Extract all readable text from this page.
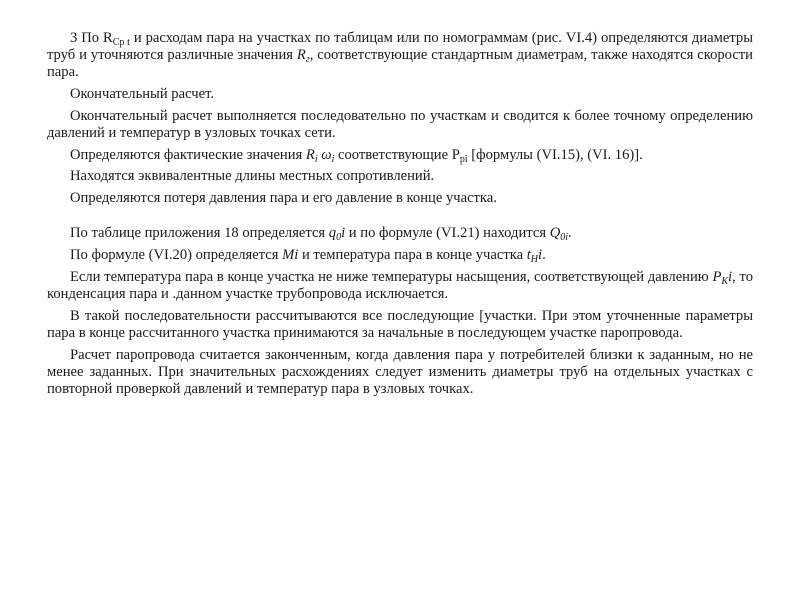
3 По $R_{Ср t}$ и расходам пара на участках по таблицам или по номограммам (рис. VI.4) определяются диаметры труб и уточняются различные значения $R_г$, соответствующие стандартным диаметрам, также находятся скорости пара.

Окончательный расчет.

Окончательный расчет выполняется последовательно по участкам и сводится к более точному определению давлений и температур в узловых точках сети.

Определяются фактические значения $R_i$ $\omega_i$ соответствующие $P_{pi}$ [формулы (VI.15), (VI. 16)].

Находятся эквивалентные длины местных сопротивлений.

Определяются потеря давления пара и его давление в конце участка.

По таблице приложения 18 определяется $q_0i$ и по формуле (VI.21) находится $Q_{0i}$.

По формуле (VI.20) определяется Mi и температура пара в конце участка $t_Hi$.

Если температура пара в конце участка не ниже температуры насыщения, соответствующей давлению $P_Ki$, то конденсация пара и .данном участке трубопровода исключается.

В такой последовательности рассчитываются все последующие [участки. При этом уточненные параметры пара в конце рассчитанного участка принимаются за начальные в последующем участке паропровода.

Расчет паропровода считается законченным, когда давления пара у потребителей близки к заданным, но не менее заданных. При значительных расхождениях следует изменить диаметры труб на отдельных участках с повторной проверкой давлений и температур пара в узловых точках.
